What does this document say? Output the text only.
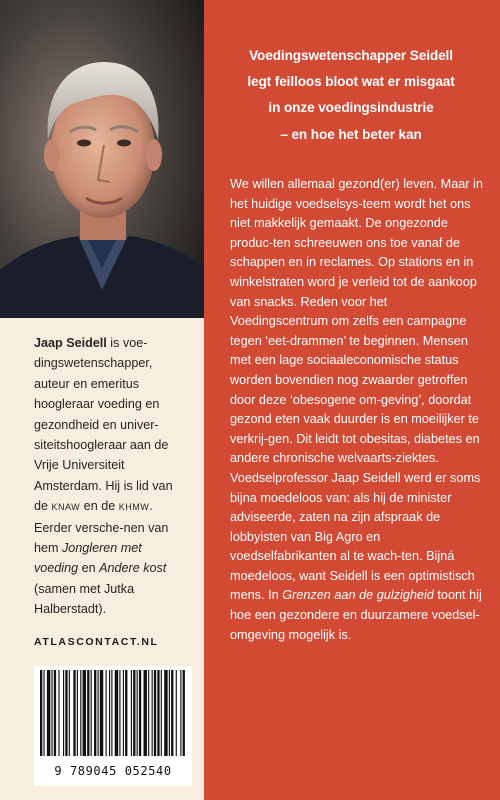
Jaap Seidell is voe-dingswetenschapper, auteur en emeritus hoogleraar voeding en gezondheid en univer-siteitshoogleraar aan de Vrije Universiteit Amsterdam. Hij is lid van de KNAW en de KHMW. Eerder versche-nen van hem Jongleren met voeding en Andere kost (samen met Jutka Halberstadt).
ATLASCONTACT.NL
9 789045 052540
Voedingswetenschapper Seidell
legt feilloos bloot wat er misgaat
in onze voedingsindustrie
– en hoe het beter kan

We willen allemaal gezond(er) leven. Maar in het huidige voedselsys-teem wordt het ons niet makkelijk gemaakt. De ongezonde produc-ten schreeuwen ons toe vanaf de schappen en in reclames. Op stations en in winkelstraten word je verleid tot de aankoop van snacks. Reden voor het Voedingscentrum om zelfs een campagne tegen ‘eet-drammen’ te beginnen. Mensen met een lage sociaaleconomische status worden bovendien nog zwaarder getroffen door deze ‘obesogene om-geving’, doordat gezond eten vaak duurder is en moeilijker te verkrij-gen. Dit leidt tot obesitas, diabetes en andere chronische welvaarts-ziektes.

Voedselprofessor Jaap Seidell werd er soms bijna moedeloos van: als hij de minister adviseerde, zaten na zijn afspraak de lobbyisten van Big Agro en voedselfabrikanten al te wach-ten. Bijná moedeloos, want Seidell is een optimistisch mens. In Grenzen aan de gulzigheid toont hij hoe een gezondere en duurzamere voedsel-omgeving mogelijk is.
